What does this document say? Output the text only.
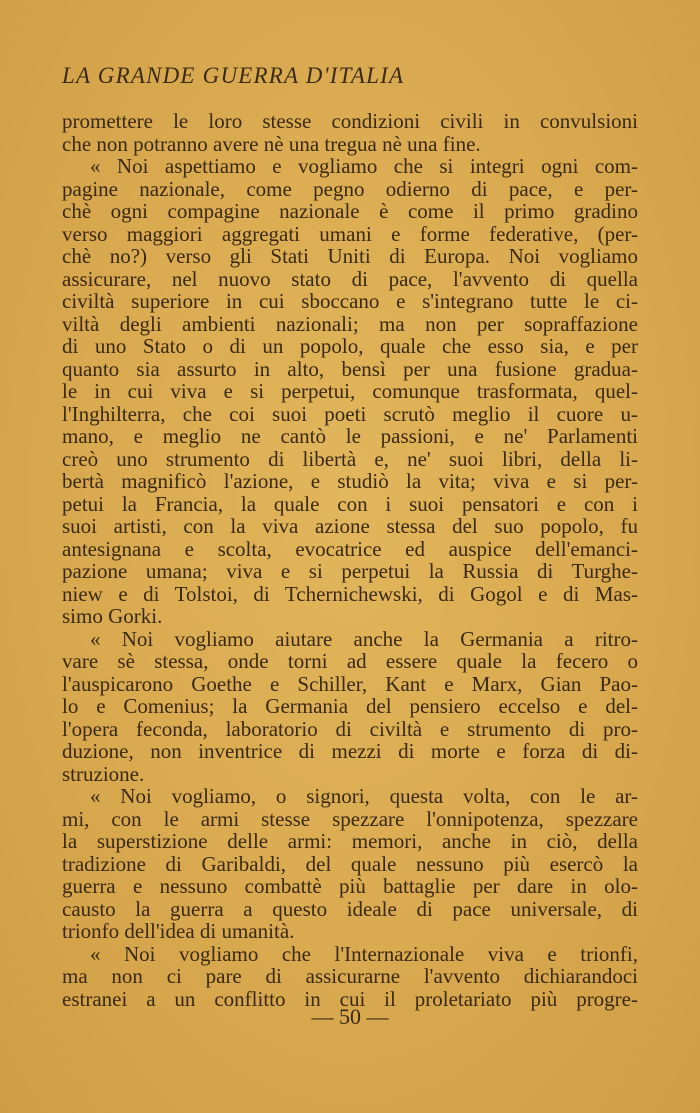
LA GRANDE GUERRA D'ITALIA
promettere le loro stesse condizioni civili in convulsioni
che non potranno avere nè una tregua nè una fine.
« Noi aspettiamo e vogliamo che si integri ogni com-
pagine nazionale, come pegno odierno di pace, e per-
chè ogni compagine nazionale è come il primo gradino
verso maggiori aggregati umani e forme federative, (per-
chè no?) verso gli Stati Uniti di Europa. Noi vogliamo
assicurare, nel nuovo stato di pace, l'avvento di quella
civiltà superiore in cui sboccano e s'integrano tutte le ci-
viltà degli ambienti nazionali; ma non per sopraffazione
di uno Stato o di un popolo, quale che esso sia, e per
quanto sia assurto in alto, bensì per una fusione gradua-
le in cui viva e si perpetui, comunque trasformata, quel-
l'Inghilterra, che coi suoi poeti scrutò meglio il cuore u-
mano, e meglio ne cantò le passioni, e ne' Parlamenti
creò uno strumento di libertà e, ne' suoi libri, della li-
bertà magnificò l'azione, e studiò la vita; viva e si per-
petui la Francia, la quale con i suoi pensatori e con i
suoi artisti, con la viva azione stessa del suo popolo, fu
antesignana e scolta, evocatrice ed auspice dell'emanci-
pazione umana; viva e si perpetui la Russia di Turghe-
niew e di Tolstoi, di Tchernichewski, di Gogol e di Mas-
simo Gorki.
« Noi vogliamo aiutare anche la Germania a ritro-
vare sè stessa, onde torni ad essere quale la fecero o
l'auspicarono Goethe e Schiller, Kant e Marx, Gian Pao-
lo e Comenius; la Germania del pensiero eccelso e del-
l'opera feconda, laboratorio di civiltà e strumento di pro-
duzione, non inventrice di mezzi di morte e forza di di-
struzione.
« Noi vogliamo, o signori, questa volta, con le ar-
mi, con le armi stesse spezzare l'onnipotenza, spezzare
la superstizione delle armi: memori, anche in ciò, della
tradizione di Garibaldi, del quale nessuno più esercò la
guerra e nessuno combattè più battaglie per dare in olo-
causto la guerra a questo ideale di pace universale, di
trionfo dell'idea di umanità.
« Noi vogliamo che l'Internazionale viva e trionfi,
ma non ci pare di assicurarne l'avvento dichiarandoci
estranei a un conflitto in cui il proletariato più progre-
— 50 —
